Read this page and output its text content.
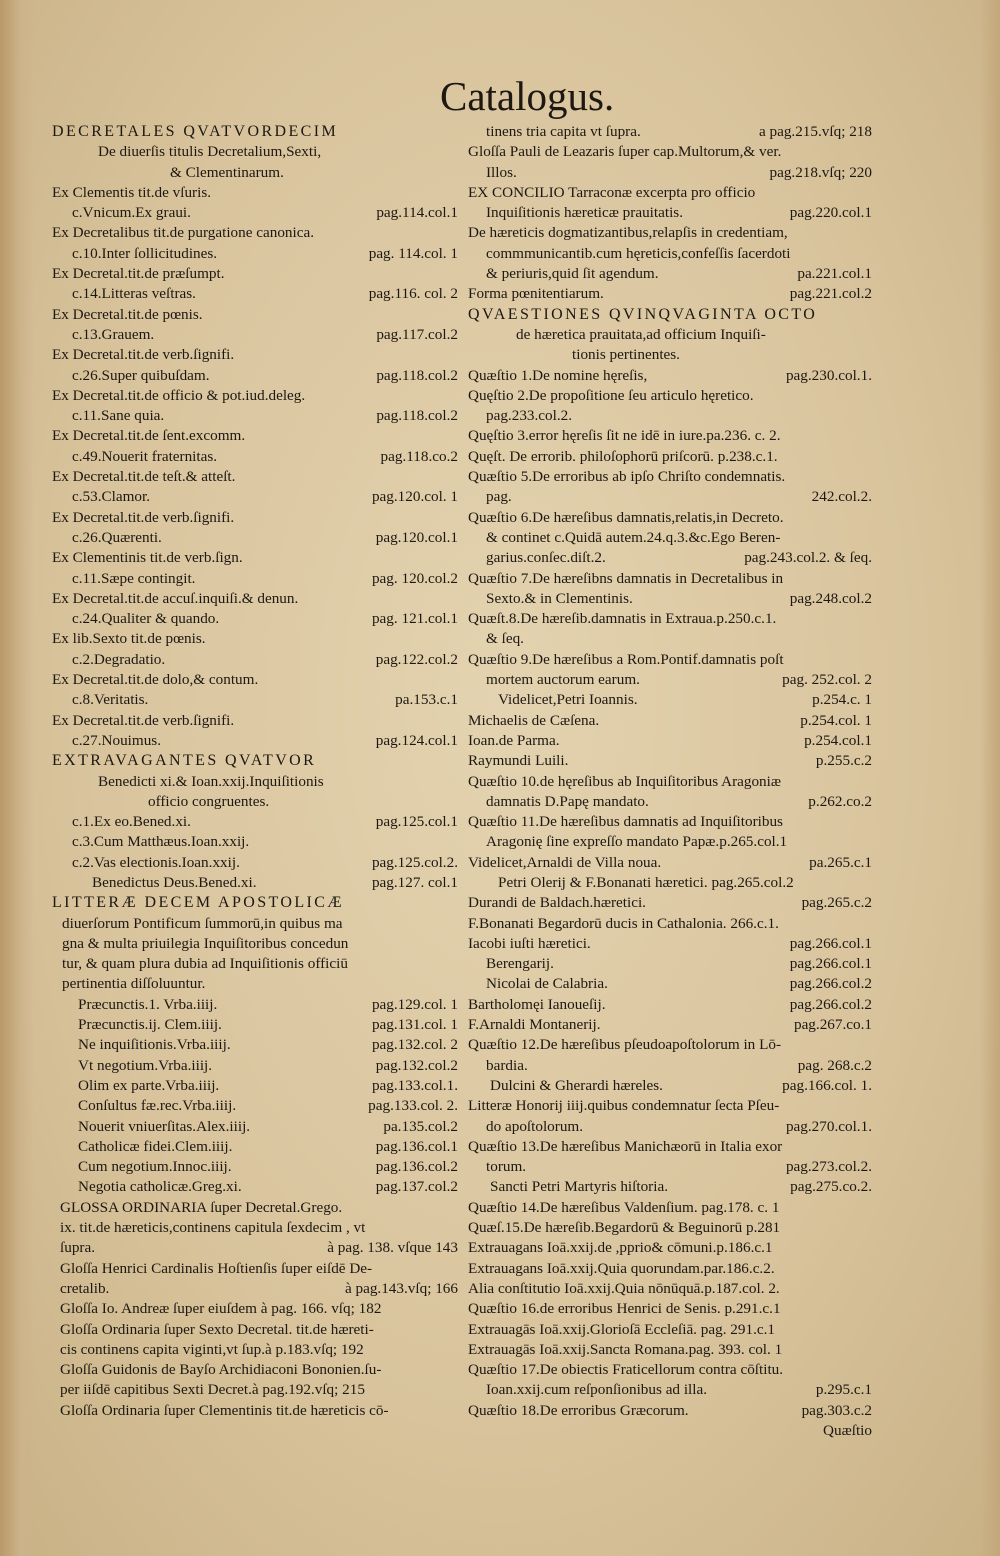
Catalogus.
DECRETALES QVATVORDECIM
De diuerſis titulis Decretalium,Sexti,
& Clementinarum.
Ex Clementis tit.de vſuris.
c.Vnicum.Ex graui.	pag.114.col.1
Ex Decretalibus tit.de purgatione canonica.
c.10.Inter ſollicitudines.	pag. 114.col. 1
Ex Decretal.tit.de præſumpt.
c.14.Litteras veſtras.	pag.116. col. 2
Ex Decretal.tit.de pœnis.
c.13.Grauem.	pag.117.col.2
Ex Decretal.tit.de verb.ſignifi.
c.26.Super quibuſdam.	pag.118.col.2
Ex Decretal.tit.de officio & pot.iud.deleg.
c.11.Sane quia.	pag.118.col.2
Ex Decretal.tit.de ſent.excomm.
c.49.Nouerit fraternitas.	pag.118.co.2
Ex Decretal.tit.de teſt.& atteſt.
c.53.Clamor.	pag.120.col. 1
Ex Decretal.tit.de verb.ſignifi.
c.26.Quærenti.	pag.120.col.1
Ex Clementinis tit.de verb.ſign.
c.11.Sæpe contingit.	pag. 120.col.2
Ex Decretal.tit.de accuſ.inquiſi.& denun.
c.24.Qualiter & quando.	pag. 121.col.1
Ex lib.Sexto tit.de pœnis.
c.2.Degradatio.	pag.122.col.2
Ex Decretal.tit.de dolo,& contum.
c.8.Veritatis.	pa.153.c.1
Ex Decretal.tit.de verb.ſignifi.
c.27.Nouimus.	pag.124.col.1
EXTRAVAGANTES QVATVOR
Benedicti xi.& Ioan.xxij.Inquiſitionis
officio congruentes.
c.1.Ex eo.Bened.xi.	pag.125.col.1
c.3.Cum Matthæus.Ioan.xxij.
c.2.Vas electionis.Ioan.xxij.	pag.125.col.2.
Benedictus Deus.Bened.xi.	pag.127. col.1
LITTERÆ DECEM APOSTOLICÆ
diuerſorum Pontificum ſummorū,in quibus ma
gna & multa priuilegia Inquiſitoribus concedun
tur, & quam plura dubia ad Inquiſitionis officiū
pertinentia diſſoluuntur.
Præcunctis.1. Vrba.iiij.	pag.129.col. 1
Præcunctis.ij. Clem.iiij.	pag.131.col. 1
Ne inquiſitionis.Vrba.iiij.	pag.132.col. 2
Vt negotium.Vrba.iiij.	pag.132.col.2
Olim ex parte.Vrba.iiij.	pag.133.col.1.
Conſultus fæ.rec.Vrba.iiij.	pag.133.col. 2.
Nouerit vniuerſitas.Alex.iiij.	pa.135.col.2
Catholicæ fidei.Clem.iiij.	pag.136.col.1
Cum negotium.Innoc.iiij.	pag.136.col.2
Negotia catholicæ.Greg.xi.	pag.137.col.2
GLOSSA ORDINARIA ſuper Decretal.Grego.
ix. tit.de hæreticis,continens capitula ſexdecim , vt
ſupra.	à pag. 138. vſque 143
Gloſſa Henrici Cardinalis Hoſtienſis ſuper eiſdē De-
cretalib.	à pag.143.vſq; 166
Gloſſa Io. Andreæ ſuper eiuſdem à pag. 166. vſq; 182
Gloſſa Ordinaria ſuper Sexto Decretal. tit.de hæreti-
cis continens capita viginti,vt ſup.à p.183.vſq; 192
Gloſſa Guidonis de Bayſo Archidiaconi Bononien.ſu-
per iiſdē capitibus Sexti Decret.à pag.192.vſq; 215
Gloſſa Ordinaria ſuper Clementinis tit.de hæreticis cō-
tinens tria capita vt ſupra.	a pag.215.vſq; 218
Gloſſa Pauli de Leazaris ſuper cap.Multorum,& ver.
Illos.	pag.218.vſq; 220
EX CONCILIO Tarraconæ excerpta pro officio
Inquiſitionis hæreticæ prauitatis.	pag.220.col.1
De hæreticis dogmatizantibus,relapſis in credentiam,
commmunicantib.cum hęreticis,confeſſis ſacerdoti
& periuris,quid ſit agendum.	pa.221.col.1
Forma pœnitentiarum.	pag.221.col.2
QVAESTIONES QVINQVAGINTA OCTO
de hæretica prauitata,ad officium Inquiſi-
tionis pertinentes.
Quæſtio 1.De nomine hęreſis,	pag.230.col.1.
Quęſtio 2.De propoſitione ſeu articulo hęretico.
pag.233.col.2.
Quęſtio 3.error hęreſis ſit ne idē in iure.pa.236. c. 2.
Quęſt. De errorib. philoſophorū priſcorū. p.238.c.1.
Quæſtio 5.De erroribus ab ipſo Chriſto condemnatis.
pag.	242.col.2.
Quæſtio 6.De hæreſibus damnatis,relatis,in Decreto.
& continet c.Quidā autem.24.q.3.&c.Ego Beren-
garius.conſec.diſt.2.	pag.243.col.2. & ſeq.
Quæſtio 7.De hæreſibns damnatis in Decretalibus in
Sexto.& in Clementinis.	pag.248.col.2
Quæſt.8.De hæreſib.damnatis in Extraua.p.250.c.1.
& ſeq.
Quæſtio 9.De hæreſibus a Rom.Pontif.damnatis poſt
mortem auctorum earum.	pag. 252.col. 2
Videlicet,Petri Ioannis.	p.254.c. 1
Michaelis de Cæſena.	p.254.col. 1
Ioan.de Parma.	p.254.col.1
Raymundi Luili.	p.255.c.2
Quæſtio 10.de hęreſibus ab Inquiſitoribus Aragoniæ
damnatis D.Papę mandato.	p.262.co.2
Quæſtio 11.De hæreſibus damnatis ad Inquiſitoribus
Aragonię ſine expreſſo mandato Papæ.p.265.col.1
Videlicet,Arnaldi de Villa noua.	pa.265.c.1
Petri Olerij & F.Bonanati hæretici. pag.265.col.2
Durandi de Baldach.hæretici.	pag.265.c.2
F.Bonanati Begardorū ducis in Cathalonia. 266.c.1.
Iacobi iuſti hæretici.	pag.266.col.1
Berengarij.	pag.266.col.1
Nicolai de Calabria.	pag.266.col.2
Bartholomęi Ianoueſij.	pag.266.col.2
F.Arnaldi Montanerij.	pag.267.co.1
Quæſtio 12.De hæreſibus pſeudoapoſtolorum in Lō-
bardia.	pag. 268.c.2
Dulcini & Gherardi hæreles.	pag.166.col. 1.
Litteræ Honorij iiij.quibus condemnatur ſecta Pſeu-
do apoſtolorum.	pag.270.col.1.
Quæſtio 13.De hæreſibus Manichæorū in Italia exor
torum.	pag.273.col.2.
Sancti Petri Martyris hiſtoria.	pag.275.co.2.
Quæſtio 14.De hæreſibus Valdenſium. pag.178. c. 1
Quæſ.15.De hæreſib.Begardorū & Beguinorū p.281
Extrauagans Ioā.xxij.de ,pprio& cōmuni.p.186.c.1
Extrauagans Ioā.xxij.Quia quorundam.par.186.c.2.
Alia conſtitutio Ioā.xxij.Quia nōnūquā.p.187.col. 2.
Quæſtio 16.de erroribus Henrici de Senis. p.291.c.1
Extrauagās Ioā.xxij.Glorioſā Eccleſiā. pag. 291.c.1
Extrauagās Ioā.xxij.Sancta Romana.pag. 393. col. 1
Quæſtio 17.De obiectis Fraticellorum contra cōſtitu.
Ioan.xxij.cum reſponſionibus ad illa.	p.295.c.1
Quæſtio 18.De erroribus Græcorum.	pag.303.c.2
Quæſtio
